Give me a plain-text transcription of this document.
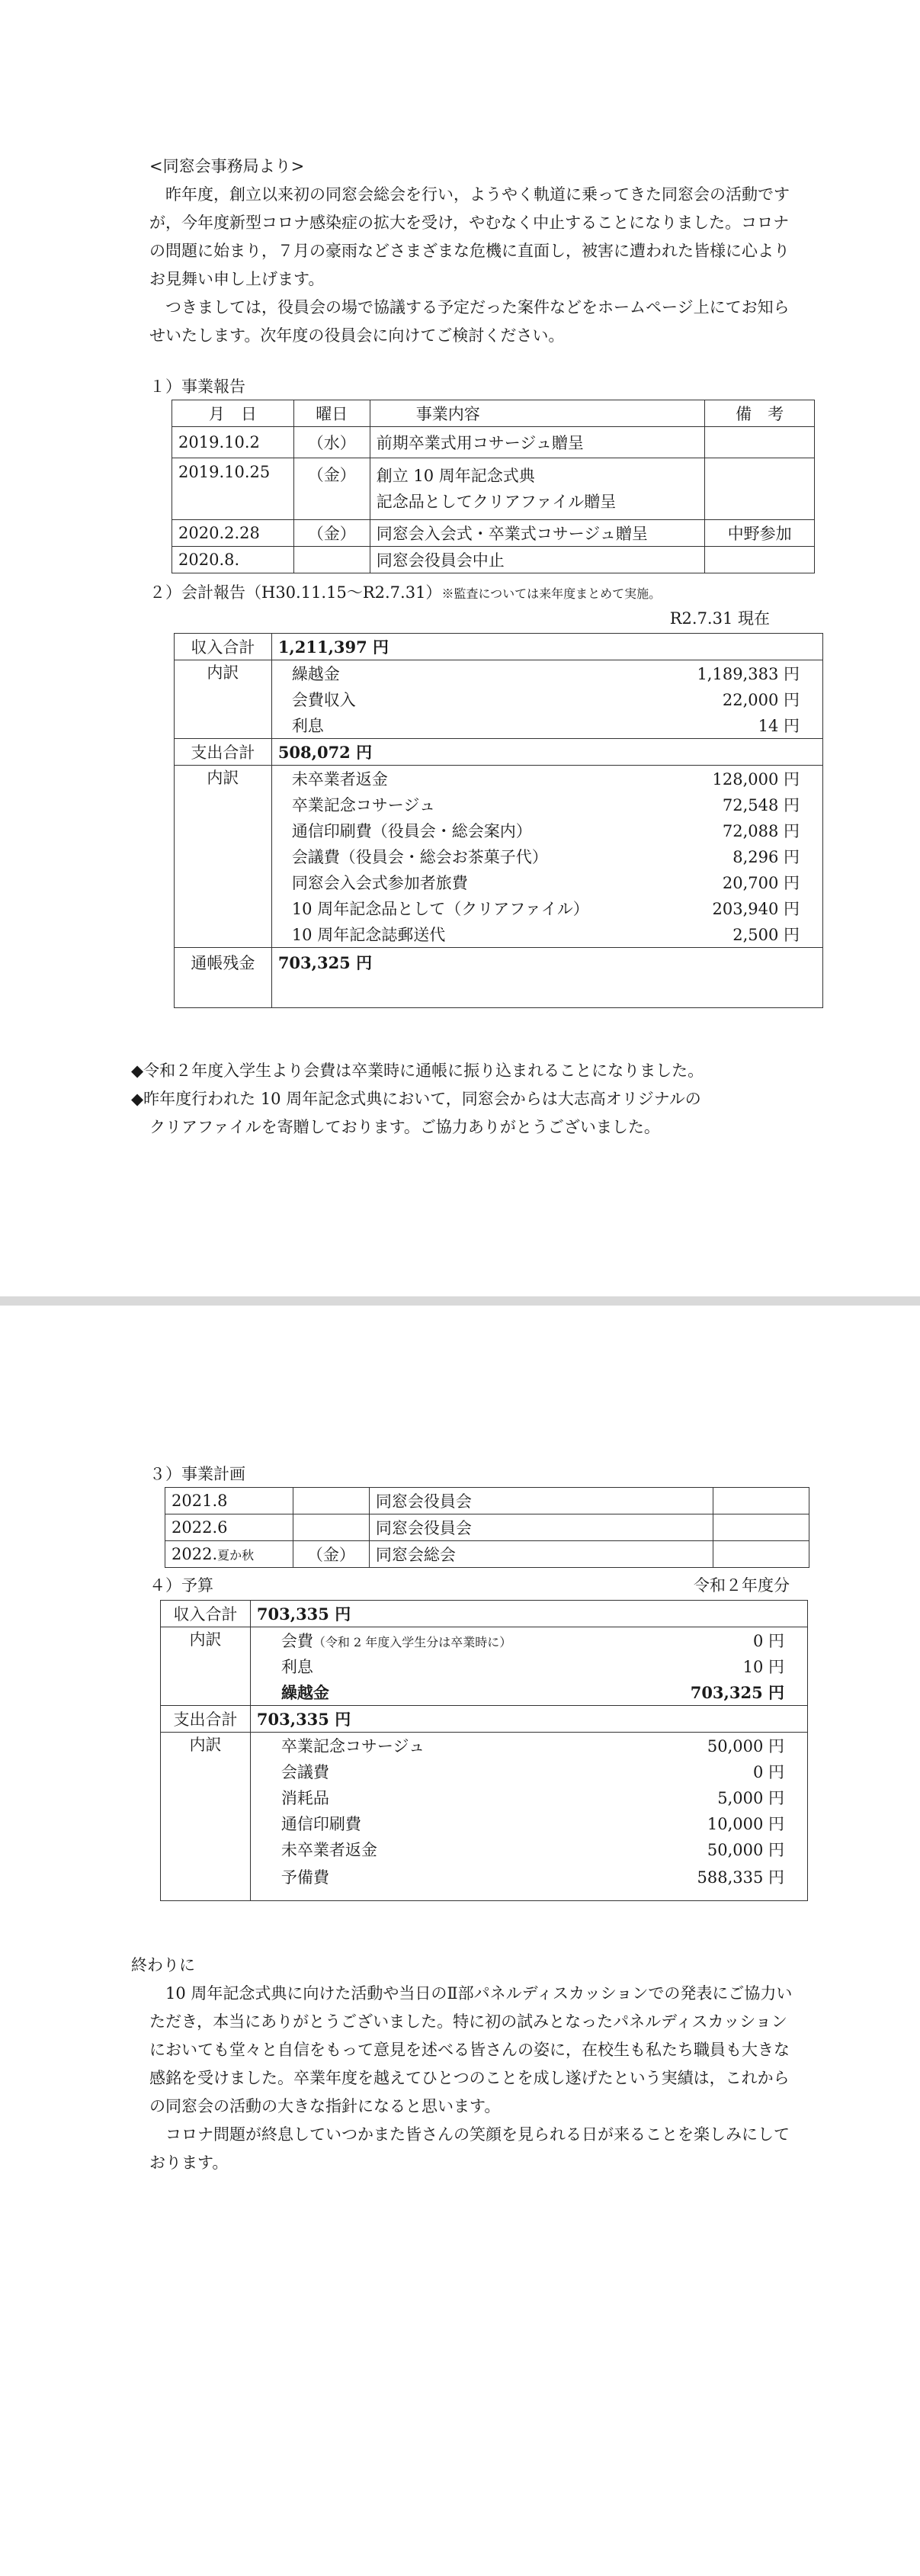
<同窓会事務局より>

昨年度，創立以来初の同窓会総会を行い，ようやく軌道に乗ってきた同窓会の活動ですが，今年度新型コロナ感染症の拡大を受け，やむなく中止することになりました。コロナの問題に始まり，７月の豪雨などさまざまな危機に直面し，被害に遭われた皆様に心よりお見舞い申し上げます。

つきましては，役員会の場で協議する予定だった案件などをホームページ上にてお知らせいたします。次年度の役員会に向けてご検討ください。

１）事業報告

月　日	曜日	事業内容	備　考
2019.10.2	（水）	前期卒業式用コサージュ贈呈	
2019.10.25	（金）	創立 10 周年記念式典
記念品としてクリアファイル贈呈	

2020.2.28	（金）	同窓会入会式・卒業式コサージュ贈呈	中野参加
2020.8.		同窓会役員会中止	

２）会計報告（H30.11.15～R2.7.31）※監査については来年度まとめて実施。

R2.7.31 現在

収入合計	1,211,397 円	
内訳	繰越金	1,189,383 円
	会費収入	22,000 円
	利息	14 円
支出合計	508,072 円	
内訳	未卒業者返金	128,000 円
	卒業記念コサージュ	72,548 円
	通信印刷費（役員会・総会案内）	72,088 円
	会議費（役員会・総会お茶菓子代）	8,296 円
	同窓会入会式参加者旅費	20,700 円
	10 周年記念品として（クリアファイル）	203,940 円
	10 周年記念誌郵送代	2,500 円
通帳残金	703,325 円	

◆令和２年度入学生より会費は卒業時に通帳に振り込まれることになりました。

◆昨年度行われた 10 周年記念式典において，同窓会からは大志高オリジナルの

クリアファイルを寄贈しております。ご協力ありがとうございました。

３）事業計画

2021.8		同窓会役員会	
2022.6		同窓会役員会	
2022.夏か秋	（金）	同窓会総会	

４）予算	令和２年度分

収入合計	703,335 円	
内訳	会費（令和 2 年度入学生分は卒業時に）	0 円
	利息	10 円
	繰越金	703,325 円
支出合計	703,335 円	
内訳	卒業記念コサージュ	50,000 円
	会議費	0 円
	消耗品	5,000 円
	通信印刷費	10,000 円
	未卒業者返金	50,000 円
	予備費	588,335 円

終わりに

10 周年記念式典に向けた活動や当日のⅡ部パネルディスカッションでの発表にご協力いただき，本当にありがとうございました。特に初の試みとなったパネルディスカッションにおいても堂々と自信をもって意見を述べる皆さんの姿に，在校生も私たち職員も大きな感銘を受けました。卒業年度を越えてひとつのことを成し遂げたという実績は，これからの同窓会の活動の大きな指針になると思います。

コロナ問題が終息していつかまた皆さんの笑顔を見られる日が来ることを楽しみにしております。
